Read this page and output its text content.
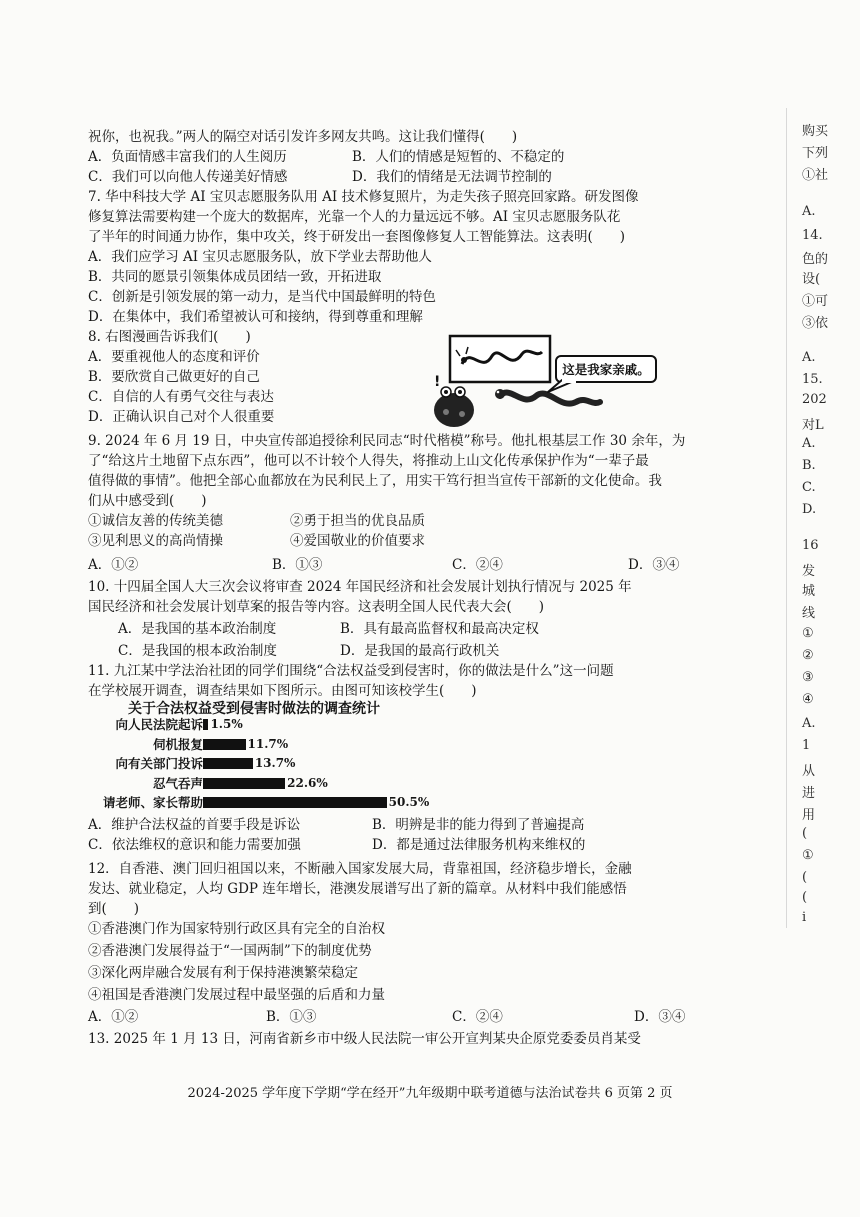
祝你，也祝我。”两人的隔空对话引发许多网友共鸣。这让我们懂得(　　)
A．负面情感丰富我们的人生阅历	B．人们的情感是短暂的、不稳定的
C．我们可以向他人传递美好情感	D．我们的情绪是无法调节控制的
7. 华中科技大学 AI 宝贝志愿服务队用 AI 技术修复照片，为走失孩子照亮回家路。研发图像
修复算法需要构建一个庞大的数据库，光靠一个人的力量远远不够。AI 宝贝志愿服务队花
了半年的时间通力协作，集中攻关，终于研发出一套图像修复人工智能算法。这表明(　　)
A．我们应学习 AI 宝贝志愿服务队，放下学业去帮助他人
B．共同的愿景引领集体成员团结一致，开拓进取
C．创新是引领发展的第一动力，是当代中国最鲜明的特色
D．在集体中，我们希望被认可和接纳，得到尊重和理解
8. 右图漫画告诉我们(　　)
A．要重视他人的态度和评价
B．要欣赏自己做更好的自己
C．自信的人有勇气交往与表达
D．正确认识自己对个人很重要
!
这是我家亲戚。
9. 2024 年 6 月 19 日，中央宣传部追授徐利民同志“时代楷模”称号。他扎根基层工作 30 余年，为
了“给这片土地留下点东西”，他可以不计较个人得失，将推动上山文化传承保护作为“一辈子最
值得做的事情”。他把全部心血都放在为民利民上了，用实干笃行担当宣传干部新的文化使命。我
们从中感受到(　　)
①诚信友善的传统美德	②勇于担当的优良品质
③见利思义的高尚情操	④爱国敬业的价值要求
A．①②	B．①③	C．②④	D．③④
10. 十四届全国人大三次会议将审查 2024 年国民经济和社会发展计划执行情况与 2025 年
国民经济和社会发展计划草案的报告等内容。这表明全国人民代表大会(　　)
A．是我国的基本政治制度	B．具有最高监督权和最高决定权
C．是我国的根本政治制度	D．是我国的最高行政机关
11. 九江某中学法治社团的同学们围绕“合法权益受到侵害时，你的做法是什么”这一问题
在学校展开调查，调查结果如下图所示。由图可知该校学生(　　)
关于合法权益受到侵害时做法的调查统计
向人民法院起诉 1.5%
伺机报复	11.7%
向有关部门投诉	13.7%
忍气吞声	22.6%
请老师、家长帮助	50.5%
A．维护合法权益的首要手段是诉讼	B．明辨是非的能力得到了普遍提高
C．依法维权的意识和能力需要加强	D．都是通过法律服务机构来维权的
12．自香港、澳门回归祖国以来，不断融入国家发展大局，背靠祖国，经济稳步增长，金融
发达、就业稳定，人均 GDP 连年增长，港澳发展谱写出了新的篇章。从材料中我们能感悟
到(　　)
①香港澳门作为国家特别行政区具有完全的自治权
②香港澳门发展得益于“一国两制”下的制度优势
③深化两岸融合发展有利于保持港澳繁荣稳定
④祖国是香港澳门发展过程中最坚强的后盾和力量
A．①②	B．①③	C．②④	D．③④
13. 2025 年 1 月 13 日，河南省新乡市中级人民法院一审公开宣判某央企原党委委员肖某受
2024-2025 学年度下学期“学在经开”九年级期中联考道德与法治试卷共 6 页第 2 页
购买
下列
①社
A.
14.
色的
设(
①可
③依
A.
15.
202
对L
A.
B.
C.
D.
16
发
城
线
①
②
③
④
A.
1
从
进
用
(
①
(
(
i
